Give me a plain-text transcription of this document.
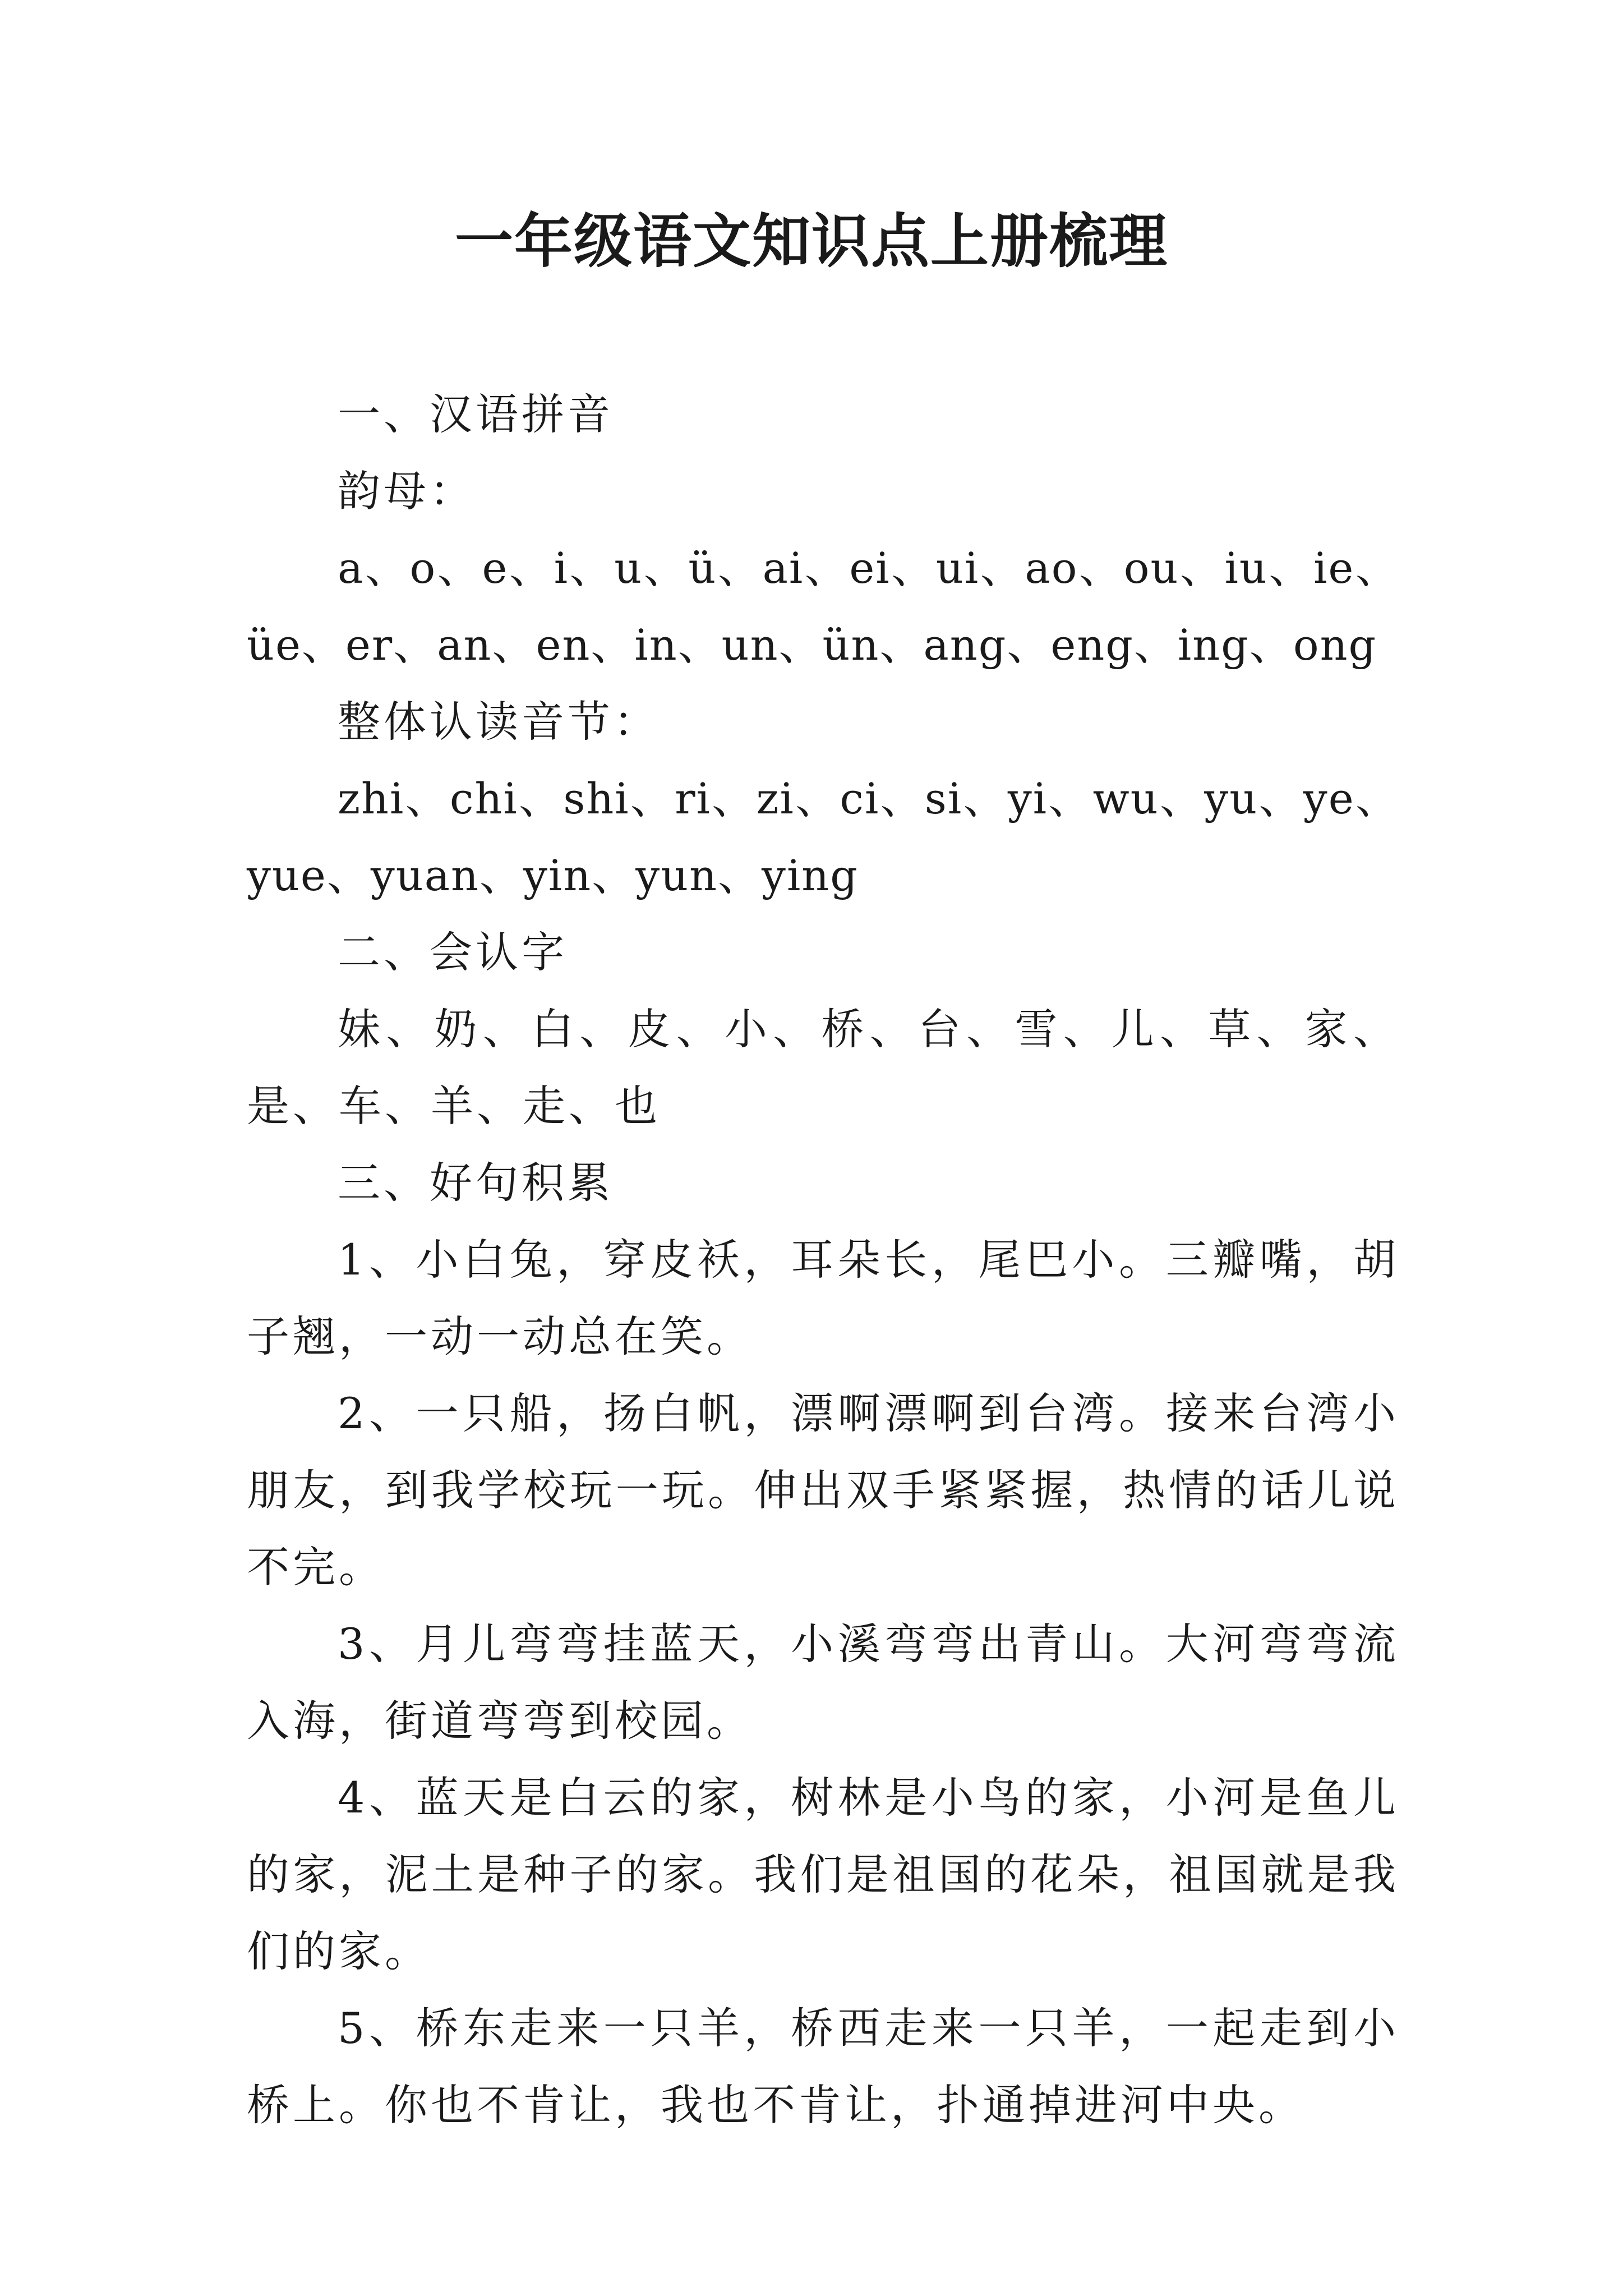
一年级语文知识点上册梳理

一、汉语拼音

韵母：

a、o、e、i、u、ü、ai、ei、ui、ao、ou、iu、ie、üe、er、an、en、in、un、ün、ang、eng、ing、ong

整体认读音节：

zhi、chi、shi、ri、zi、ci、si、yi、wu、yu、ye、yue、yuan、yin、yun、ying

二、会认字

妹、奶、白、皮、小、桥、台、雪、儿、草、家、是、车、羊、走、也

三、好句积累

1、小白兔，穿皮袄，耳朵长，尾巴小。三瓣嘴，胡子翘，一动一动总在笑。

2、一只船，扬白帆，漂啊漂啊到台湾。接来台湾小朋友，到我学校玩一玩。伸出双手紧紧握，热情的话儿说不完。

3、月儿弯弯挂蓝天，小溪弯弯出青山。大河弯弯流入海，街道弯弯到校园。

4、蓝天是白云的家，树林是小鸟的家，小河是鱼儿的家，泥土是种子的家。我们是祖国的花朵，祖国就是我们的家。

5、桥东走来一只羊，桥西走来一只羊，一起走到小桥上。你也不肯让，我也不肯让，扑通掉进河中央。
